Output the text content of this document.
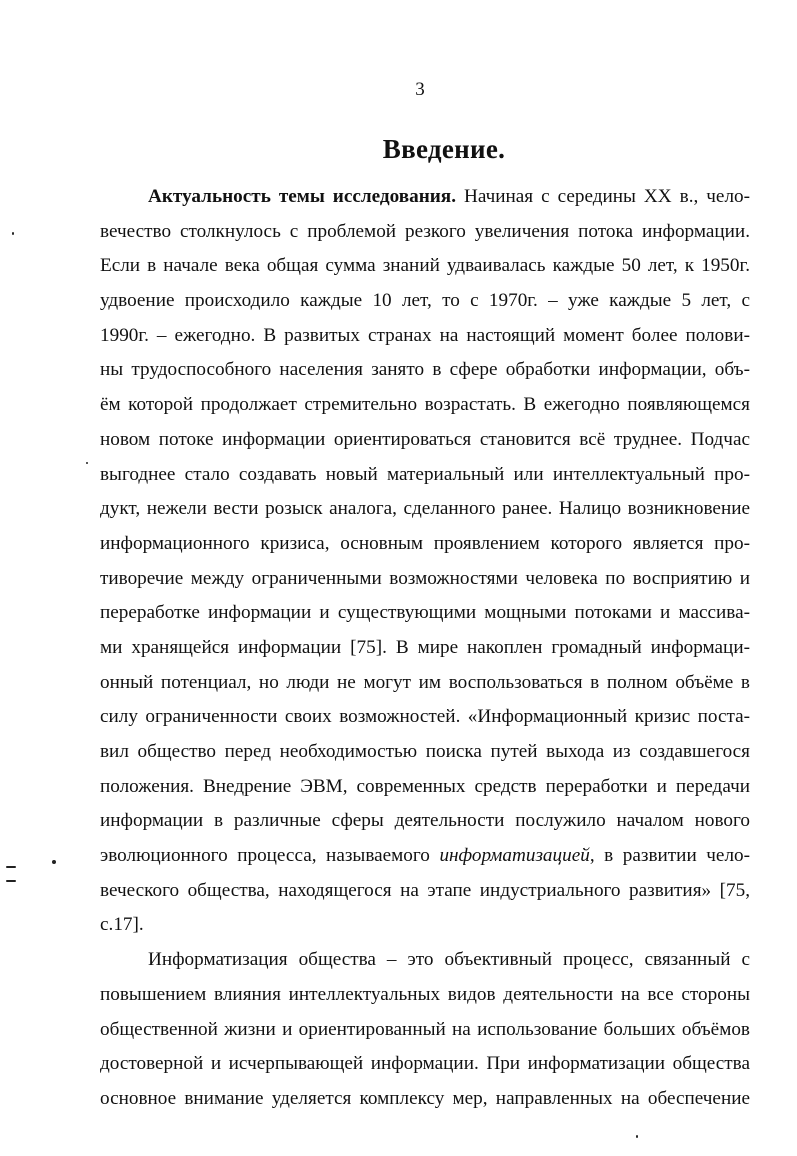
3
Введение.
Актуальность темы исследования. Начиная с середины XX в., чело-
вечество столкнулось с проблемой резкого увеличения потока информации.
Если в начале века общая сумма знаний удваивалась каждые 50 лет, к 1950г.
удвоение происходило каждые 10 лет, то с 1970г. – уже каждые 5 лет, с
1990г. – ежегодно. В развитых странах на настоящий момент более полови-
ны трудоспособного населения занято в сфере обработки информации, объ-
ём которой продолжает стремительно возрастать. В ежегодно появляющемся
новом потоке информации ориентироваться становится всё труднее. Подчас
выгоднее стало создавать новый материальный или интеллектуальный про-
дукт, нежели вести розыск аналога, сделанного ранее. Налицо возникновение
информационного кризиса, основным проявлением которого является про-
тиворечие между ограниченными возможностями человека по восприятию и
переработке информации и существующими мощными потоками и массива-
ми хранящейся информации [75]. В мире накоплен громадный информаци-
онный потенциал, но люди не могут им воспользоваться в полном объёме в
силу ограниченности своих возможностей. «Информационный кризис поста-
вил общество перед необходимостью поиска путей выхода из создавшегося
положения. Внедрение ЭВМ, современных средств переработки и передачи
информации в различные сферы деятельности послужило началом нового
эволюционного процесса, называемого информатизацией, в развитии чело-
веческого общества, находящегося на этапе индустриального развития» [75,
с.17].
Информатизация общества – это объективный процесс, связанный с
повышением влияния интеллектуальных видов деятельности на все стороны
общественной жизни и ориентированный на использование больших объёмов
достоверной и исчерпывающей информации. При информатизации общества
основное внимание уделяется комплексу мер, направленных на обеспечение
